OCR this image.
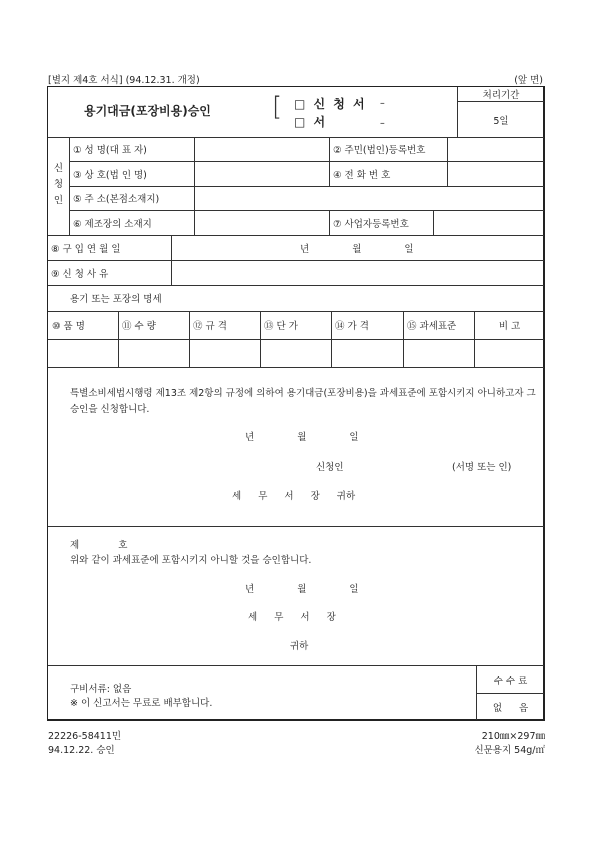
[별지 제4호 서식] (94.12.31. 개정)	(앞 면)
용기대금(포장비용)승인 [ □ 신 청 서
□ 서
–
–
처리기간
5일
신
청
인
① 성 명(대 표 자)	② 주민(법인)등록번호
③ 상 호(법 인 명)	④ 전 화 번 호
⑤ 주 소(본점소재지)
⑥ 제조장의 소재지	⑦ 사업자등록번호
⑧ 구 입 연 월 일	년 월 일
⑨ 신 청 사 유
용기 또는 포장의 명세
⑩ 품 명	⑪ 수 량	⑫ 규 격	⑬ 단 가	⑭ 가 격	⑮ 과세표준	비 고
특별소비세법시행령 제13조 제2항의 규정에 의하여 용기대금(포장비용)을 과세표준에 포함시키지 아니하고자 그 승인을 신청합니다.
년 월 일
신청인	(서명 또는 인)
세 무 서 장 귀하
제 호
위와 같이 과세표준에 포함시키지 아니할 것을 승인합니다.
년 월 일
세 무 서 장
귀하
구비서류: 없음
※ 이 신고서는 무료로 배부합니다.
수 수 료
없 음
22226-58411민
94.12.22. 승인
210㎜×297㎜
신문용지 54g/㎡
